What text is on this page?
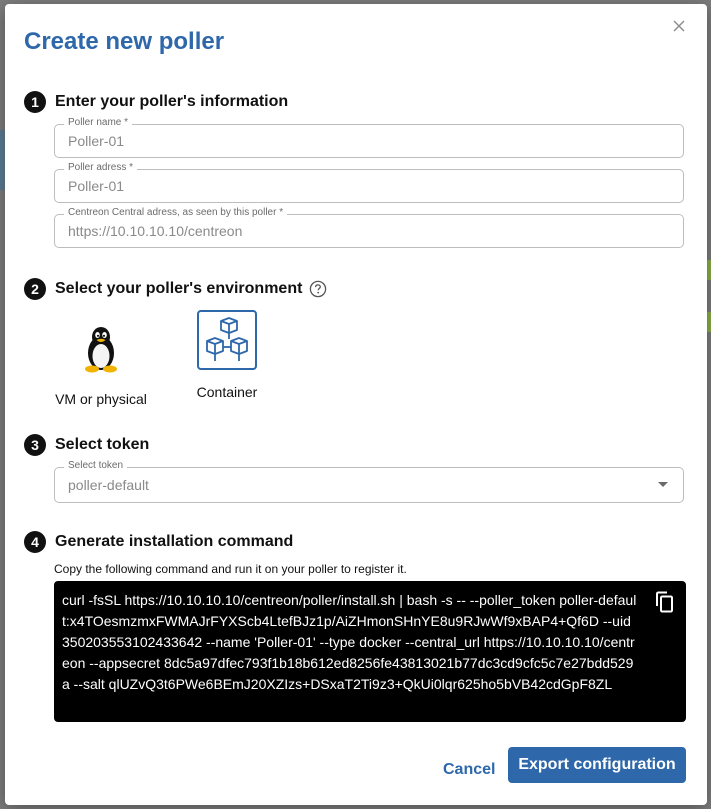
Create new poller
1	Enter your poller's information
Poller name *
Poller-01
Poller adress *
Poller-01
Centreon Central adress, as seen by this poller *
https://10.10.10.10/centreon
2	Select your poller's environment
VM or physical	Container
3	Select token
Select token
poller-default
4	Generate installation command
Copy the following command and run it on your poller to register it.
curl -fsSL https://10.10.10.10/centreon/poller/install.sh | bash -s -- --poller_token poller-default:x4TOesmzmxFWMAJrFYXScb4LtefBJz1p/AiZHmonSHnYE8u9RJwWf9xBAP4+Qf6D --uid 350203553102433642 --name 'Poller-01' --type docker --central_url https://10.10.10.10/centreon --appsecret 8dc5a97dfec793f1b18b612ed8256fe43813021b77dc3cd9cfc5c7e27bdd529a --salt qlUZvQ3t6PWe6BEmJ20XZIzs+DSxaT2Ti9z3+QkUi0lqr625ho5bVB42cdGpF8ZL
Cancel	Export configuration
